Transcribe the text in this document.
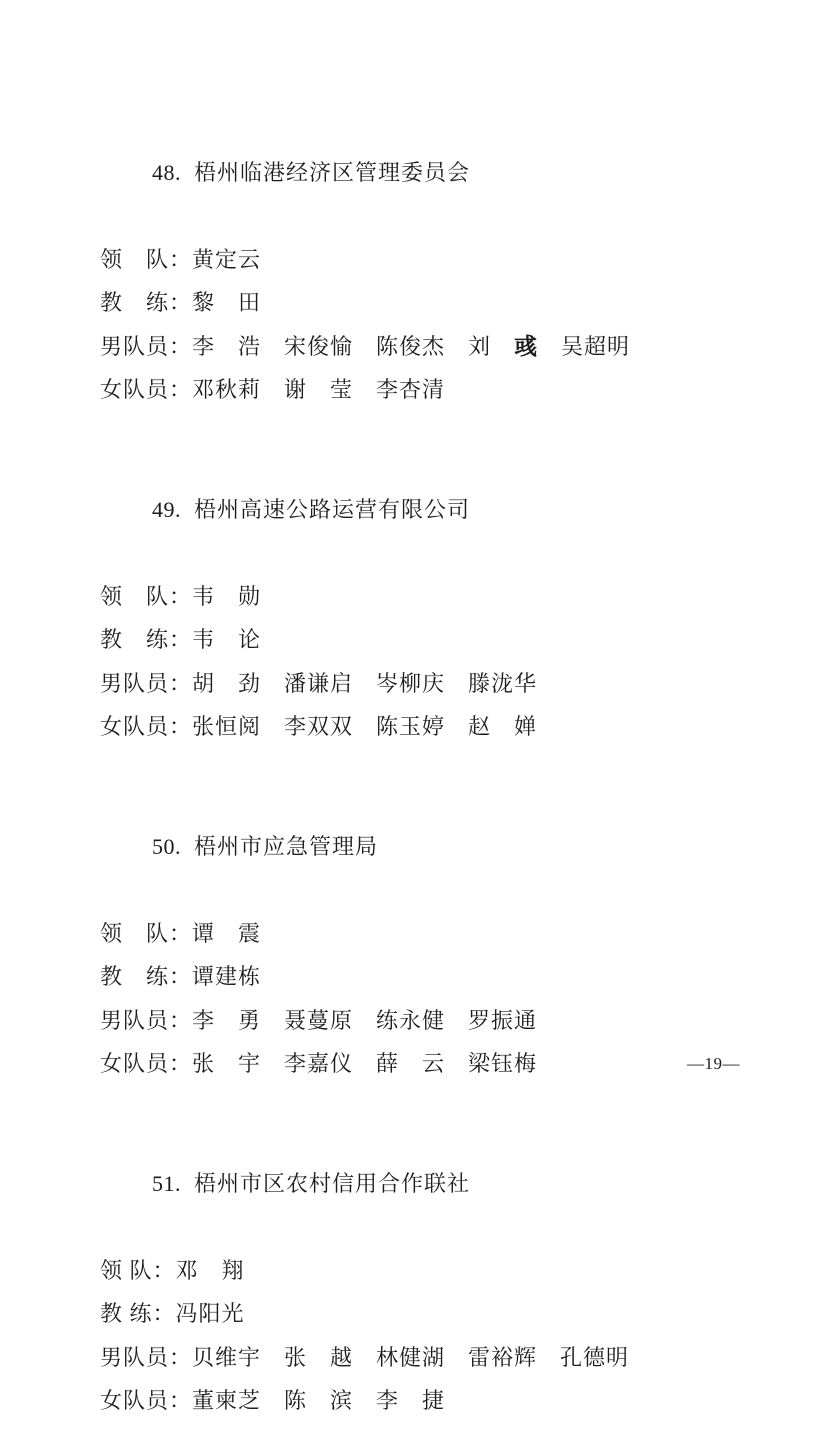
48. 梧州临港经济区管理委员会

领　队：黄定云
教　练：黎　田
男队员：李　浩　宋俊愉　陈俊杰　刘　彧　吴超明
女队员：邓秋莉　谢　莹　李杏清

49. 梧州高速公路运营有限公司

领　队：韦　勋
教　练：韦　论
男队员：胡　劲　潘谦启　岑柳庆　滕泷华
女队员：张恒阅　李双双　陈玉婷　赵　婵

50. 梧州市应急管理局

领　队：谭　震
教　练：谭建栋
男队员：李　勇　聂蔓原　练永健　罗振通
女队员：张　宇　李嘉仪　薛　云　梁钰梅

51. 梧州市区农村信用合作联社

领 队：邓　翔
教 练：冯阳光
男队员：贝维宇　张　越　林健湖　雷裕辉　孔德明
女队员：董柬芝　陈　滨　李　捷
—19—
